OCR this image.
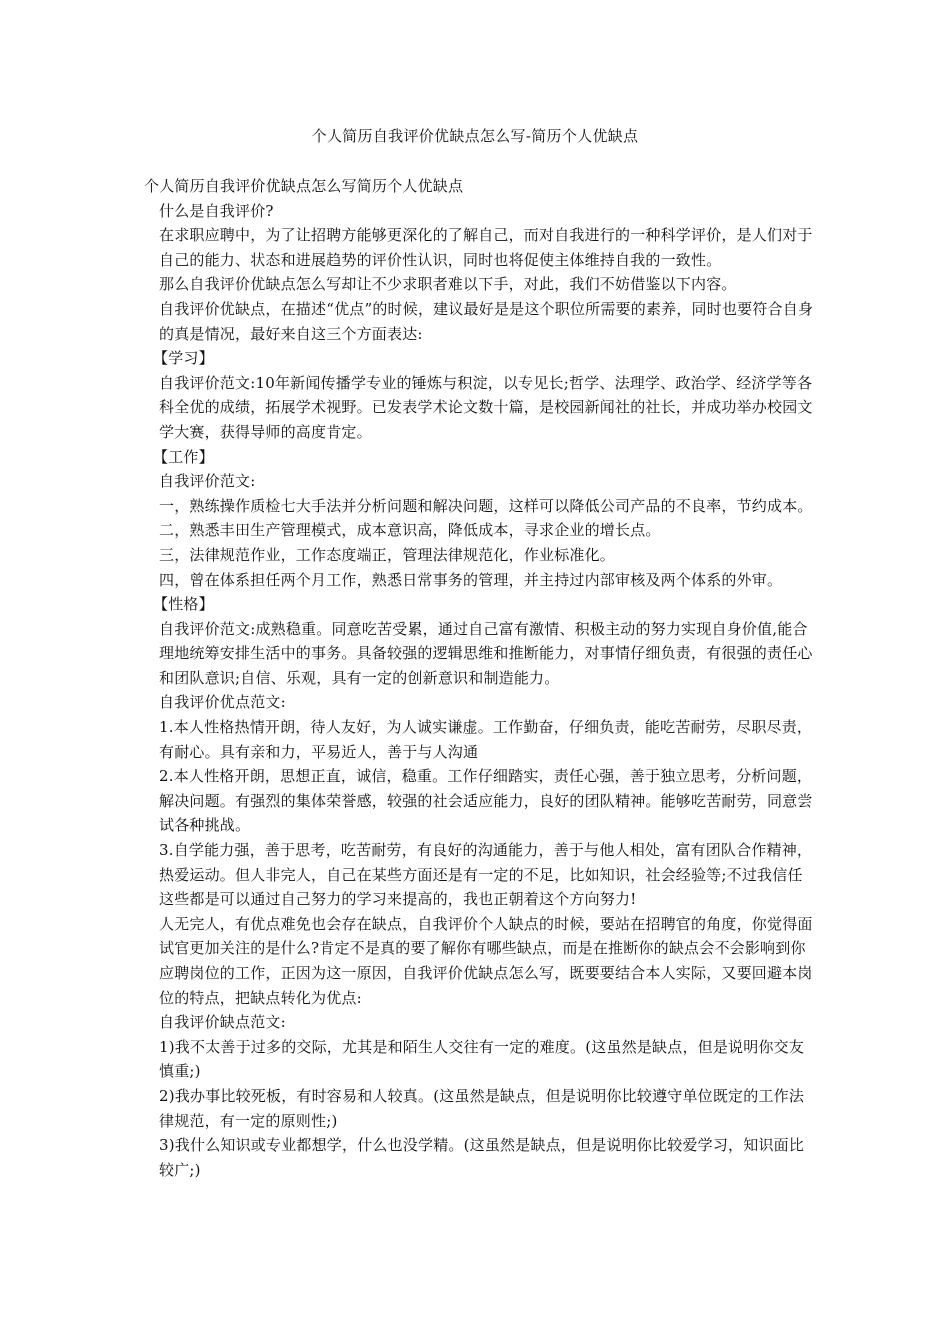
个人简历自我评价优缺点怎么写-简历个人优缺点

个人简历自我评价优缺点怎么写简历个人优缺点

什么是自我评价?

在求职应聘中，为了让招聘方能够更深化的了解自己，而对自我进行的一种科学评价，是人们对于自己的能力、状态和进展趋势的评价性认识，同时也将促使主体维持自我的一致性。

那么自我评价优缺点怎么写却让不少求职者难以下手，对此，我们不妨借鉴以下内容。

自我评价优缺点，在描述“优点”的时候，建议最好是是这个职位所需要的素养，同时也要符合自身的真是情况，最好来自这三个方面表达:

【学习】

自我评价范文:10年新闻传播学专业的锤炼与积淀，以专见长;哲学、法理学、政治学、经济学等各科全优的成绩，拓展学术视野。已发表学术论文数十篇，是校园新闻社的社长，并成功举办校园文学大赛，获得导师的高度肯定。

【工作】

自我评价范文:

一，熟练操作质检七大手法并分析问题和解决问题，这样可以降低公司产品的不良率，节约成本。

二，熟悉丰田生产管理模式，成本意识高，降低成本，寻求企业的增长点。

三，法律规范作业，工作态度端正，管理法律规范化，作业标准化。

四，曾在体系担任两个月工作，熟悉日常事务的管理，并主持过内部审核及两个体系的外审。

【性格】

自我评价范文:成熟稳重。同意吃苦受累，通过自己富有激情、积极主动的努力实现自身价值,能合理地统筹安排生活中的事务。具备较强的逻辑思维和推断能力，对事情仔细负责，有很强的责任心和团队意识;自信、乐观，具有一定的创新意识和制造能力。

自我评价优点范文:

1.本人性格热情开朗，待人友好，为人诚实谦虚。工作勤奋，仔细负责，能吃苦耐劳，尽职尽责，有耐心。具有亲和力，平易近人，善于与人沟通

2.本人性格开朗，思想正直，诚信，稳重。工作仔细踏实，责任心强，善于独立思考，分析问题，解决问题。有强烈的集体荣誉感，较强的社会适应能力，良好的团队精神。能够吃苦耐劳，同意尝试各种挑战。

3.自学能力强，善于思考，吃苦耐劳，有良好的沟通能力，善于与他人相处，富有团队合作精神，热爱运动。但人非完人，自己在某些方面还是有一定的不足，比如知识，社会经验等;不过我信任这些都是可以通过自己努力的学习来提高的，我也正朝着这个方向努力!

人无完人，有优点难免也会存在缺点，自我评价个人缺点的时候，要站在招聘官的角度，你觉得面试官更加关注的是什么?肯定不是真的要了解你有哪些缺点，而是在推断你的缺点会不会影响到你应聘岗位的工作，正因为这一原因，自我评价优缺点怎么写，既要要结合本人实际，又要回避本岗位的特点，把缺点转化为优点:

自我评价缺点范文:

1)我不太善于过多的交际，尤其是和陌生人交往有一定的难度。(这虽然是缺点，但是说明你交友慎重;)

2)我办事比较死板，有时容易和人较真。(这虽然是缺点，但是说明你比较遵守单位既定的工作法律规范，有一定的原则性;)

3)我什么知识或专业都想学，什么也没学精。(这虽然是缺点，但是说明你比较爱学习，知识面比较广;)
